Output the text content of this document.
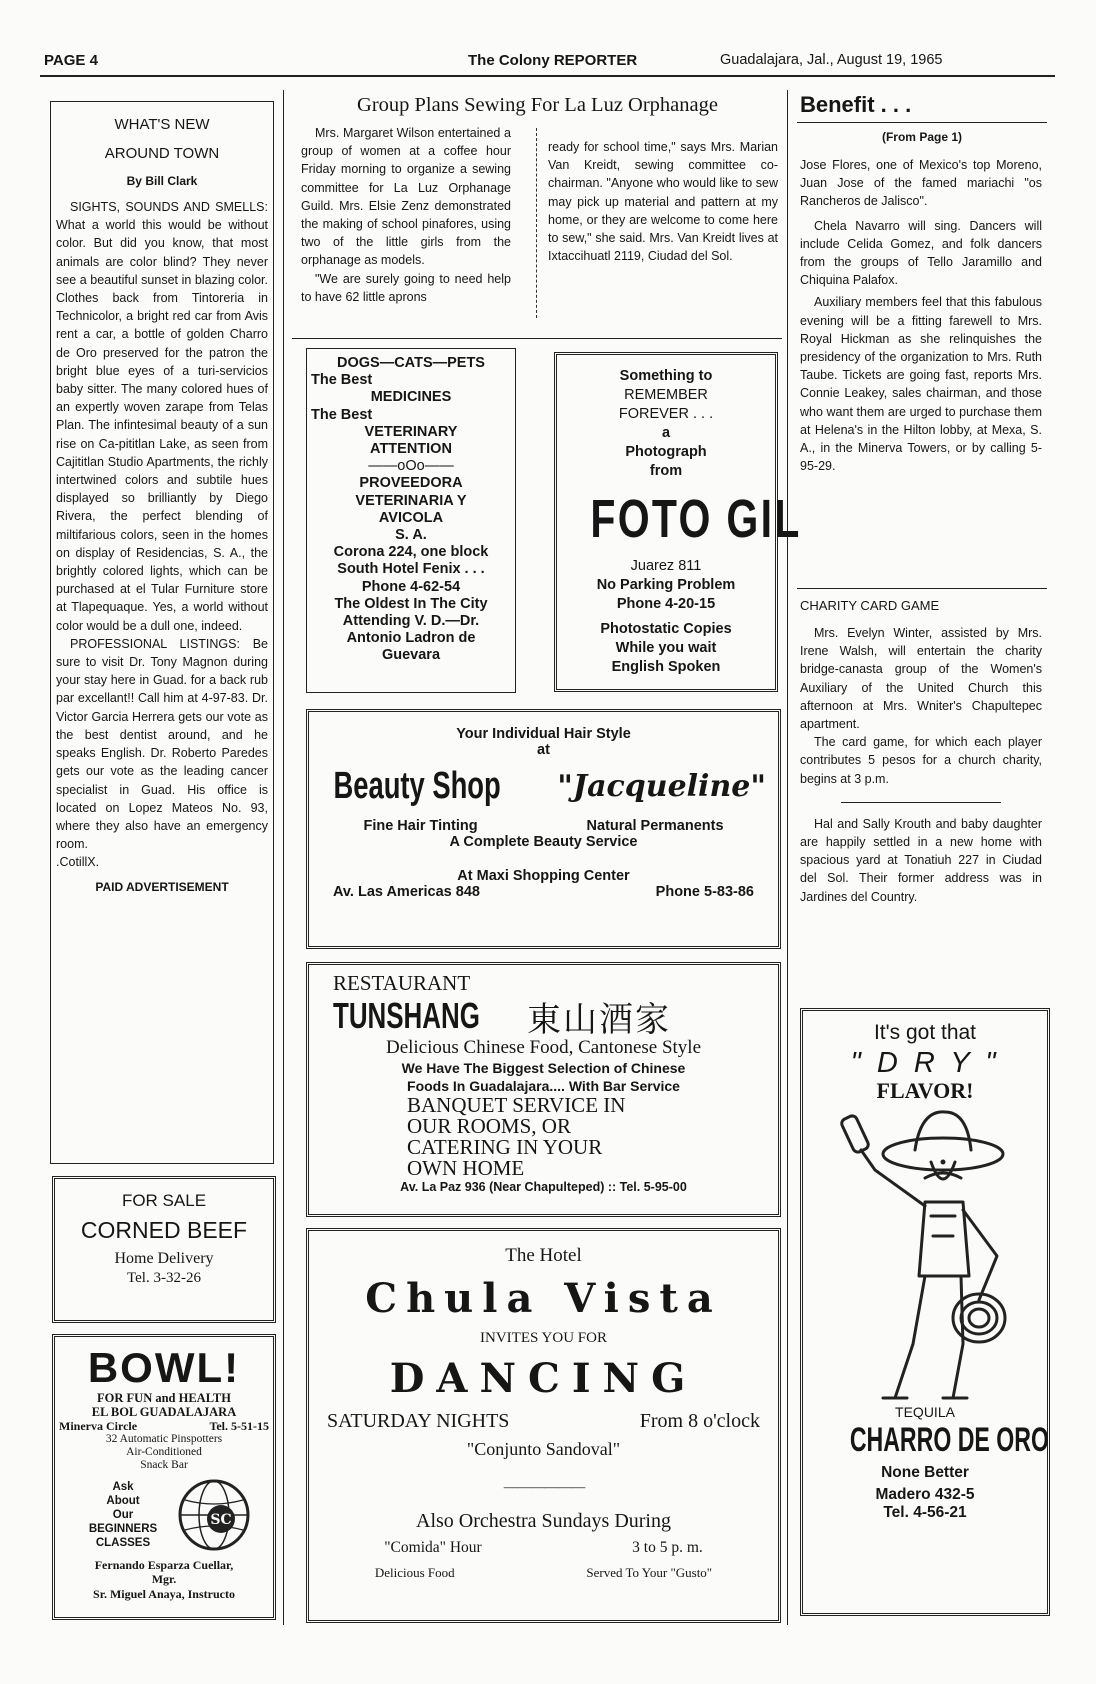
PAGE 4	The Colony REPORTER	Guadalajara, Jal., August 19, 1965
WHAT'S NEW
AROUND TOWN
By Bill Clark

SIGHTS, SOUNDS AND SMELLS: What a world this would be without color. But did you know, that most animals are color blind? They never see a beautiful sunset in blazing color. Clothes back from Tintoreria in Technicolor, a bright red car from Avis rent a car, a bottle of golden Charro de Oro preserved for the patron the bright blue eyes of a turi-servicios baby sitter. The many colored hues of an expertly woven zarape from Telas Plan. The infintesimal beauty of a sun rise on Ca-pititlan Lake, as seen from Cajititlan Studio Apartments, the richly intertwined colors and subtile hues displayed so brilliantly by Diego Rivera, the perfect blending of miltifarious colors, seen in the homes on display of Residencias, S. A., the brightly colored lights, which can be purchased at el Tular Furniture store at Tlapequaque. Yes, a world without color would be a dull one, indeed.

PROFESSIONAL LISTINGS: Be sure to visit Dr. Tony Magnon during your stay here in Guad. for a back rub par excellant!! Call him at 4-97-83. Dr. Victor Garcia Herrera gets our vote as the best dentist around, and he speaks English. Dr. Roberto Paredes gets our vote as the leading cancer specialist in Guad. His office is located on Lopez Mateos No. 93, where they also have an emergency room.

.CotillX.
PAID ADVERTISEMENT
FOR SALE
CORNED BEEF
Home Delivery
Tel. 3-32-26
BOWL!
FOR FUN and HEALTH
EL BOL GUADALAJARA
Minerva Circle	Tel. 5-51-15
32 Automatic Pinspotters
Air-Conditioned
Snack Bar
Ask
About
Our
BEGINNERS
CLASSES
SC
Fernando Esparza Cuellar,
Mgr.
Sr. Miguel Anaya, Instructo
Group Plans Sewing For La Luz Orphanage

Mrs. Margaret Wilson entertained a group of women at a coffee hour Friday morning to organize a sewing committee for La Luz Orphanage Guild. Mrs. Elsie Zenz demonstrated the making of school pinafores, using two of the little girls from the orphanage as models.
"We are surely going to need help to have 62 little aprons

ready for school time," says Mrs. Marian Van Kreidt, sewing committee co-chairman. "Anyone who would like to sew may pick up material and pattern at my home, or they are welcome to come here to sew," she said. Mrs. Van Kreidt lives at Ixtaccihuatl 2119, Ciudad del Sol.

DOGS—CATS—PETS
The Best
MEDICINES
The Best
VETERINARY
ATTENTION
——oOo——
PROVEEDORA
VETERINARIA Y
AVICOLA
S. A.
Corona 224, one block
South Hotel Fenix . . .
Phone 4-62-54
The Oldest In The City
Attending V. D.—Dr.
Antonio Ladron de
Guevara
Something to
REMEMBER
FOREVER . . .
a
Photograph
from
FOTO GIL
Juarez 811
No Parking Problem
Phone 4-20-15
Photostatic Copies
While you wait
English Spoken
Your Individual Hair Style
at
Beauty Shop "Jacqueline"
Fine Hair Tinting	Natural Permanents
A Complete Beauty Service
At Maxi Shopping Center
Av. Las Americas 848	Phone 5-83-86
RESTAURANT
TUNSHANG 東山酒家
Delicious Chinese Food, Cantonese Style
We Have The Biggest Selection of Chinese
Foods In Guadalajara.... With Bar Service
BANQUET SERVICE IN
OUR ROOMS, OR
CATERING IN YOUR
OWN HOME
Av. La Paz 936 (Near Chapulteped) :: Tel. 5-95-00
The Hotel
Chula Vista
INVITES YOU FOR
DANCING
SATURDAY NIGHTS	From 8 o'clock
"Conjunto Sandoval"
— — — — — —
Also Orchestra Sundays During
"Comida" Hour	3 to 5 p. m.
Delicious Food	Served To Your "Gusto"
Benefit . . .
(From Page 1)

Jose Flores, one of Mexico's top Moreno, Juan Jose of the famed mariachi "os Rancheros de Jalisco".

Chela Navarro will sing. Dancers will include Celida Gomez, and folk dancers from the groups of Tello Jaramillo and Chiquina Palafox.

Auxiliary members feel that this fabulous evening will be a fitting farewell to Mrs. Royal Hickman as she relinquishes the presidency of the organization to Mrs. Ruth Taube. Tickets are going fast, reports Mrs. Connie Leakey, sales chairman, and those who want them are urged to purchase them at Helena's in the Hilton lobby, at Mexa, S. A., in the Minerva Towers, or by calling 5-95-29.

CHARITY CARD GAME

Mrs. Evelyn Winter, assisted by Mrs. Irene Walsh, will entertain the charity bridge-canasta group of the Women's Auxiliary of the United Church this afternoon at Mrs. Wniter's Chapultepec apartment.

The card game, for which each player contributes 5 pesos for a church charity, begins at 3 p.m.

Hal and Sally Krouth and baby daughter are happily settled in a new home with spacious yard at Tonatiuh 227 in Ciudad del Sol. Their former address was in Jardines del Country.

It's got that
" D R Y "
FLAVOR!
TEQUILA
CHARRO DE ORO
None Better
Madero 432-5
Tel. 4-56-21
